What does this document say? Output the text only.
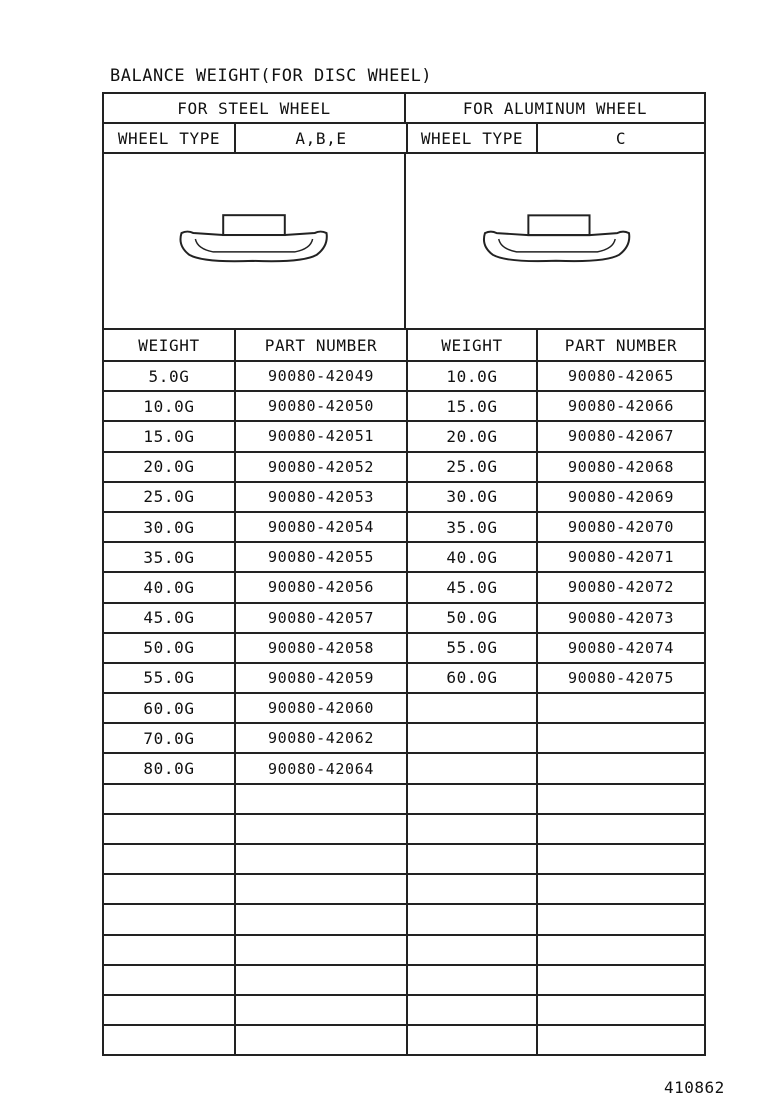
BALANCE WEIGHT(FOR DISC WHEEL)
FOR STEEL WHEEL	FOR ALUMINUM WHEEL
WHEEL TYPE	A,B,E	WHEEL TYPE	C
WEIGHT	PART NUMBER	WEIGHT	PART NUMBER
5.0G	90080-42049	10.0G	90080-42065
10.0G	90080-42050	15.0G	90080-42066
15.0G	90080-42051	20.0G	90080-42067
20.0G	90080-42052	25.0G	90080-42068
25.0G	90080-42053	30.0G	90080-42069
30.0G	90080-42054	35.0G	90080-42070
35.0G	90080-42055	40.0G	90080-42071
40.0G	90080-42056	45.0G	90080-42072
45.0G	90080-42057	50.0G	90080-42073
50.0G	90080-42058	55.0G	90080-42074
55.0G	90080-42059	60.0G	90080-42075
60.0G	90080-42060
70.0G	90080-42062
80.0G	90080-42064
410862
